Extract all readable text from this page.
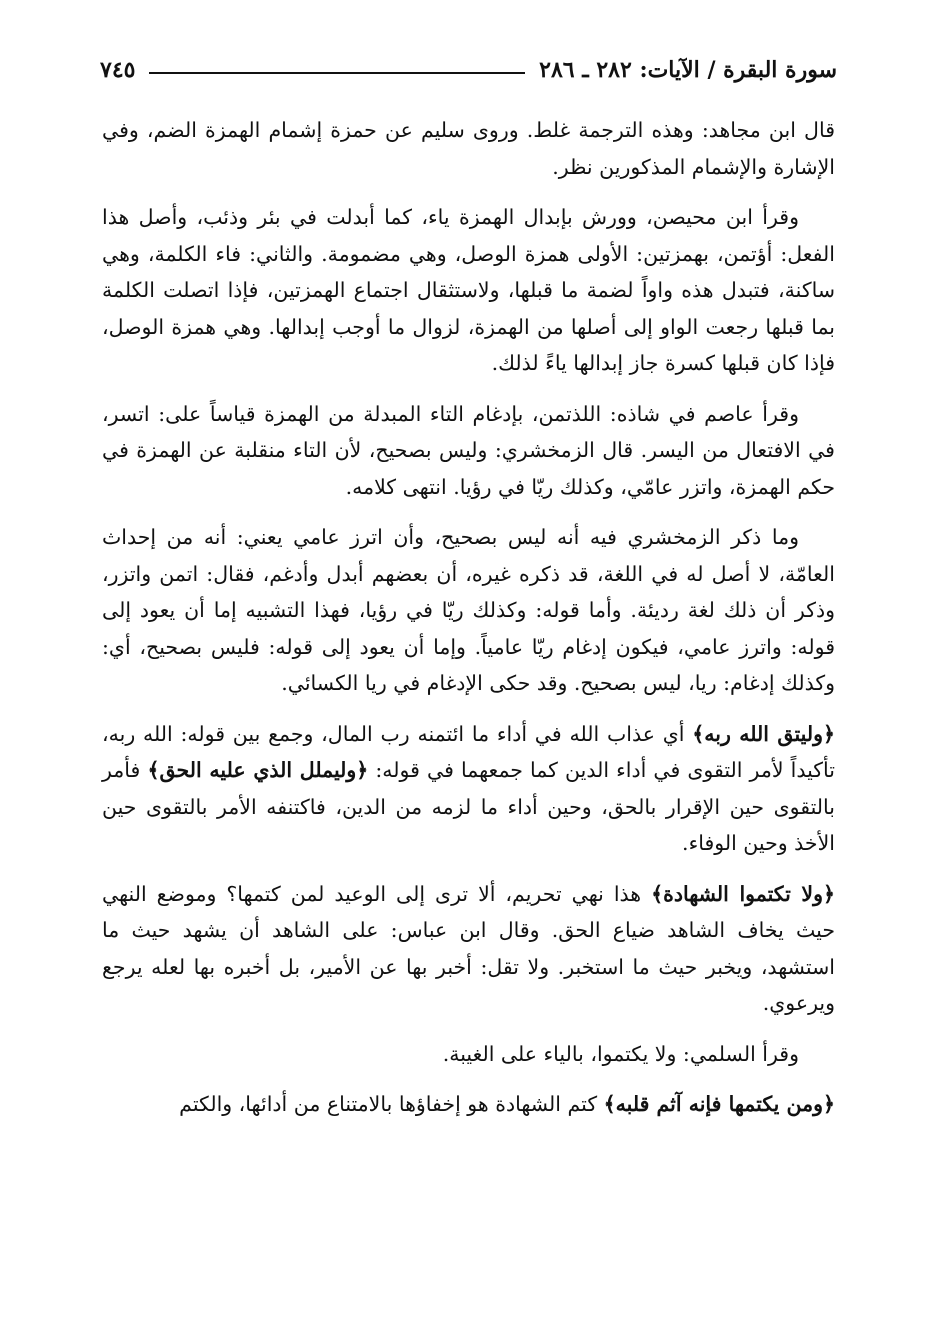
سورة البقرة / الآيات: ٢٨٢ ـ ٢٨٦
٧٤٥

قال ابن مجاهد: وهذه الترجمة غلط. وروى سليم عن حمزة إشمام الهمزة الضم، وفي الإشارة والإشمام المذكورين نظر.

وقرأ ابن محيصن، وورش بإبدال الهمزة ياء، كما أبدلت في بئر وذئب، وأصل هذا الفعل: أؤتمن، بهمزتين: الأولى همزة الوصل، وهي مضمومة. والثاني: فاء الكلمة، وهي ساكنة، فتبدل هذه واواً لضمة ما قبلها، ولاستثقال اجتماع الهمزتين، فإذا اتصلت الكلمة بما قبلها رجعت الواو إلى أصلها من الهمزة، لزوال ما أوجب إبدالها. وهي همزة الوصل، فإذا كان قبلها كسرة جاز إبدالها ياءً لذلك.

وقرأ عاصم في شاذه: اللذتمن، بإدغام التاء المبدلة من الهمزة قياساً على: اتسر، في الافتعال من اليسر. قال الزمخشري: وليس بصحيح، لأن التاء منقلبة عن الهمزة في حكم الهمزة، واتزر عامّي، وكذلك ريّا في رؤيا. انتهى كلامه.

وما ذكر الزمخشري فيه أنه ليس بصحيح، وأن اترز عامي يعني: أنه من إحداث العامّة، لا أصل له في اللغة، قد ذكره غيره، أن بعضهم أبدل وأدغم، فقال: اتمن واتزر، وذكر أن ذلك لغة رديئة. وأما قوله: وكذلك ريّا في رؤيا، فهذا التشبيه إما أن يعود إلى قوله: واترز عامي، فيكون إدغام ريّا عامياً. وإما أن يعود إلى قوله: فليس بصحيح، أي: وكذلك إدغام: ريا، ليس بصحيح. وقد حكى الإدغام في ريا الكسائي.

﴿وليتق الله ربه﴾ أي عذاب الله في أداء ما ائتمنه رب المال، وجمع بين قوله: الله ربه، تأكيداً لأمر التقوى في أداء الدين كما جمعهما في قوله: ﴿وليملل الذي عليه الحق﴾ فأمر بالتقوى حين الإقرار بالحق، وحين أداء ما لزمه من الدين، فاكتنفه الأمر بالتقوى حين الأخذ وحين الوفاء.

﴿ولا تكتموا الشهادة﴾ هذا نهي تحريم، ألا ترى إلى الوعيد لمن كتمها؟ وموضع النهي حيث يخاف الشاهد ضياع الحق. وقال ابن عباس: على الشاهد أن يشهد حيث ما استشهد، ويخبر حيث ما استخبر. ولا تقل: أخبر بها عن الأمير، بل أخبره بها لعله يرجع ويرعوي.

وقرأ السلمي: ولا يكتموا، بالياء على الغيبة.

﴿ومن يكتمها فإنه آثم قلبه﴾ كتم الشهادة هو إخفاؤها بالامتناع من أدائها، والكتم
